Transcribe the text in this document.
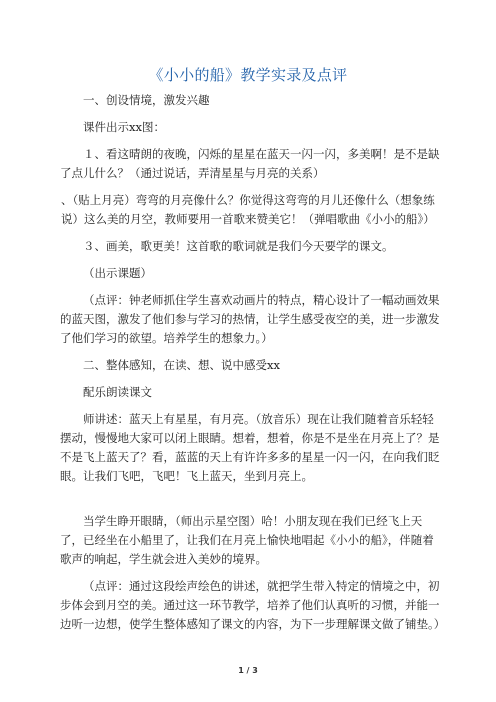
《小小的船》教学实录及点评

一、创设情境，激发兴趣

课件出示xx图：

１、看这晴朗的夜晚，闪烁的星星在蓝天一闪一闪，多美啊！是不是缺了点儿什么？（通过说话，弄清星星与月亮的关系）

、（贴上月亮）弯弯的月亮像什么？你觉得这弯弯的月儿还像什么（想象练说）这么美的月空，教师要用一首歌来赞美它！（弹唱歌曲《小小的船》）

３、画美，歌更美！这首歌的歌词就是我们今天要学的课文。

（出示课题）

（点评：钟老师抓住学生喜欢动画片的特点，精心设计了一幅动画效果的蓝天图，激发了他们参与学习的热情，让学生感受夜空的美，进一步激发了他们学习的欲望。培养学生的想象力。）

二、整体感知，在读、想、说中感受xx

配乐朗读课文

师讲述：蓝天上有星星，有月亮。（放音乐）现在让我们随着音乐轻轻摆动，慢慢地大家可以闭上眼睛。想着，想着，你是不是坐在月亮上了？是不是飞上蓝天了？看，蓝蓝的天上有许许多多的星星一闪一闪，在向我们眨眼。让我们飞吧，飞吧！飞上蓝天，坐到月亮上。

当学生睁开眼睛，（师出示星空图）哈！小朋友现在我们已经飞上天了，已经坐在小船里了，让我们在月亮上愉快地唱起《小小的船》，伴随着歌声的响起，学生就会进入美妙的境界。

（点评：通过这段绘声绘色的讲述，就把学生带入特定的情境之中，初步体会到月空的美。通过这一环节教学，培养了他们认真听的习惯，并能一边听一边想，使学生整体感知了课文的内容，为下一步理解课文做了铺垫。）

1 / 3
